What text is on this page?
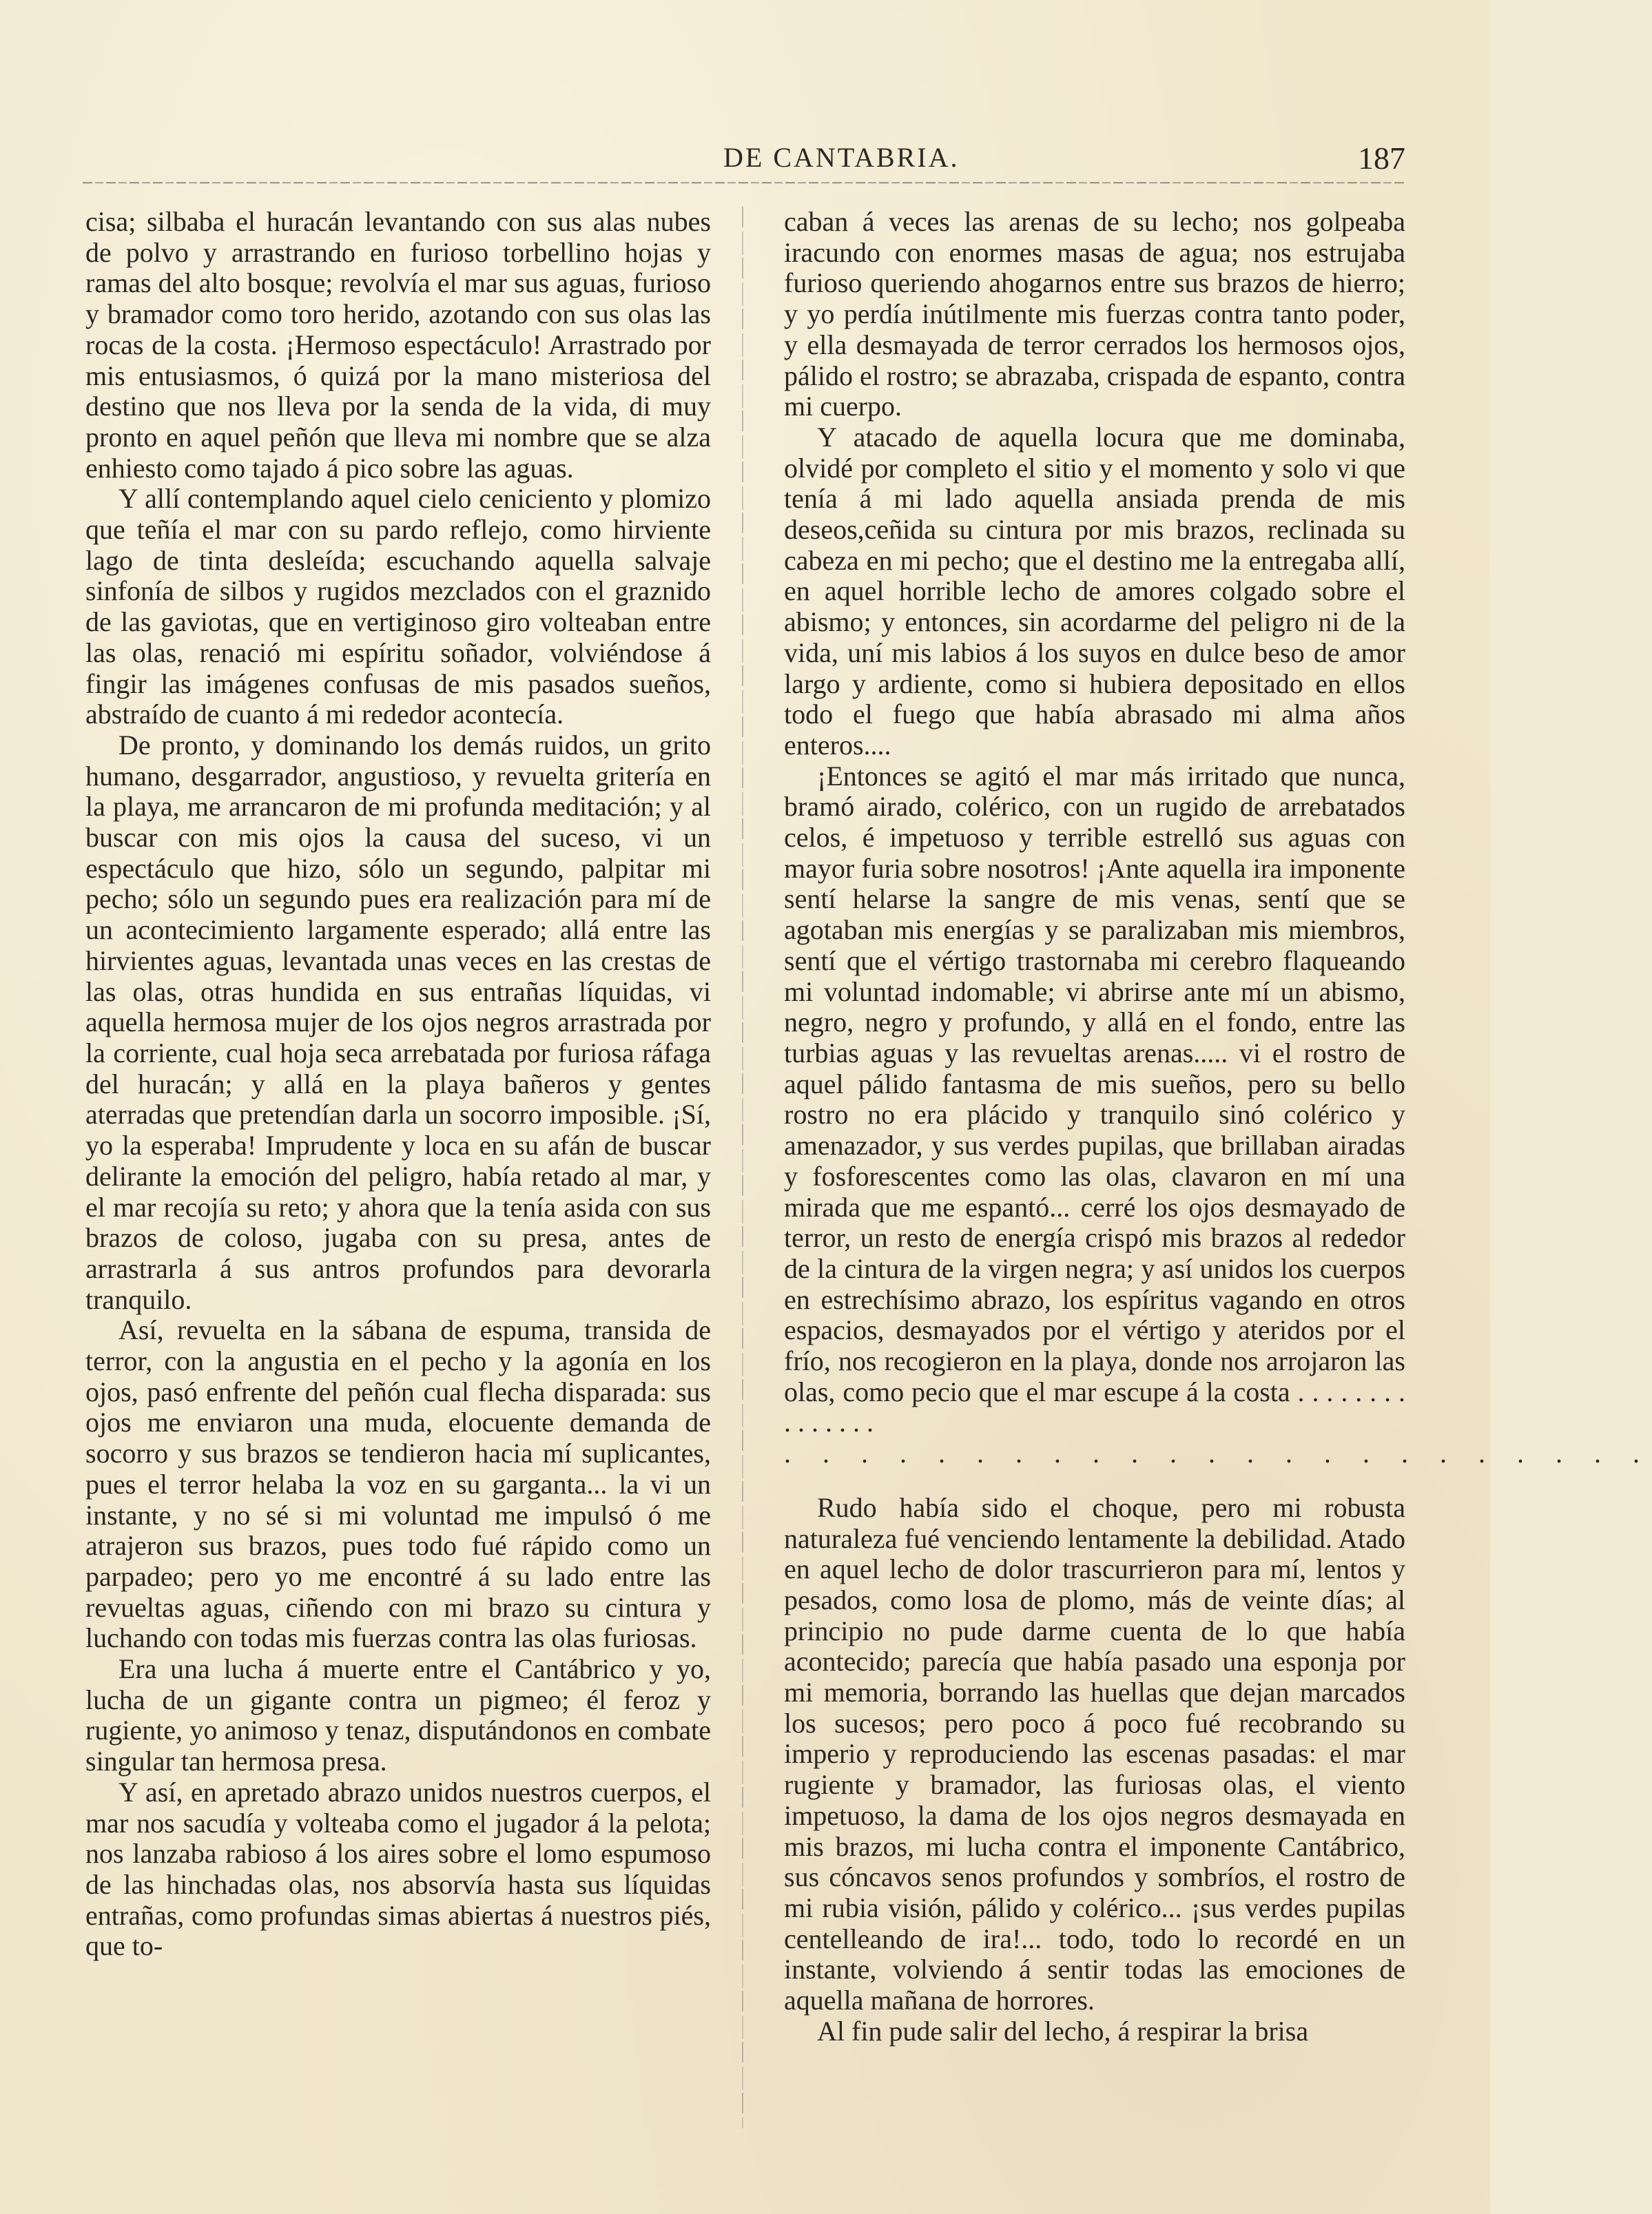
DE CANTABRIA.	187

cisa; silbaba el huracán levantando con sus alas nubes de polvo y arrastrando en furioso torbellino hojas y ramas del alto bosque; revolvía el mar sus aguas, furioso y bramador como toro herido, azotando con sus olas las rocas de la costa. ¡Hermoso espectáculo! Arrastrado por mis entusiasmos, ó quizá por la mano misteriosa del destino que nos lleva por la senda de la vida, di muy pronto en aquel peñón que lleva mi nombre que se alza enhiesto como tajado á pico sobre las aguas.

Y allí contemplando aquel cielo ceniciento y plomizo que teñía el mar con su pardo reflejo, como hirviente lago de tinta desleída; escuchando aquella salvaje sinfonía de silbos y rugidos mezclados con el graznido de las gaviotas, que en vertiginoso giro volteaban entre las olas, renació mi espíritu soñador, volviéndose á fingir las imágenes confusas de mis pasados sueños, abstraído de cuanto á mi rededor acontecía.

De pronto, y dominando los demás ruidos, un grito humano, desgarrador, angustioso, y revuelta gritería en la playa, me arrancaron de mi profunda meditación; y al buscar con mis ojos la causa del suceso, vi un espectáculo que hizo, sólo un segundo, palpitar mi pecho; sólo un segundo pues era realización para mí de un acontecimiento largamente esperado; allá entre las hirvientes aguas, levantada unas veces en las crestas de las olas, otras hundida en sus entrañas líquidas, vi aquella hermosa mujer de los ojos negros arrastrada por la corriente, cual hoja seca arrebatada por furiosa ráfaga del huracán; y allá en la playa bañeros y gentes aterradas que pretendían darla un socorro imposible. ¡Sí, yo la esperaba! Imprudente y loca en su afán de buscar delirante la emoción del peligro, había retado al mar, y el mar recojía su reto; y ahora que la tenía asida con sus brazos de coloso, jugaba con su presa, antes de arrastrarla á sus antros profundos para devorarla tranquilo.

Así, revuelta en la sábana de espuma, transida de terror, con la angustia en el pecho y la agonía en los ojos, pasó enfrente del peñón cual flecha disparada: sus ojos me enviaron una muda, elocuente demanda de socorro y sus brazos se tendieron hacia mí suplicantes, pues el terror helaba la voz en su garganta... la vi un instante, y no sé si mi voluntad me impulsó ó me atrajeron sus brazos, pues todo fué rápido como un parpadeo; pero yo me encontré á su lado entre las revueltas aguas, ciñendo con mi brazo su cintura y luchando con todas mis fuerzas contra las olas furiosas.

Era una lucha á muerte entre el Cantábrico y yo, lucha de un gigante contra un pigmeo; él feroz y rugiente, yo animoso y tenaz, disputándonos en combate singular tan hermosa presa.

Y así, en apretado abrazo unidos nuestros cuerpos, el mar nos sacudía y volteaba como el jugador á la pelota; nos lanzaba rabioso á los aires sobre el lomo espumoso de las hinchadas olas, nos absorvía hasta sus líquidas entrañas, como profundas simas abiertas á nuestros piés, que to-

caban á veces las arenas de su lecho; nos golpeaba iracundo con enormes masas de agua; nos estrujaba furioso queriendo ahogarnos entre sus brazos de hierro; y yo perdía inútilmente mis fuerzas contra tanto poder, y ella desmayada de terror cerrados los hermosos ojos, pálido el rostro; se abrazaba, crispada de espanto, contra mi cuerpo.

Y atacado de aquella locura que me dominaba, olvidé por completo el sitio y el momento y solo vi que tenía á mi lado aquella ansiada prenda de mis deseos,ceñida su cintura por mis brazos, reclinada su cabeza en mi pecho; que el destino me la entregaba allí, en aquel horrible lecho de amores colgado sobre el abismo; y entonces, sin acordarme del peligro ni de la vida, uní mis labios á los suyos en dulce beso de amor largo y ardiente, como si hubiera depositado en ellos todo el fuego que había abrasado mi alma años enteros....

¡Entonces se agitó el mar más irritado que nunca, bramó airado, colérico, con un rugido de arrebatados celos, é impetuoso y terrible estrelló sus aguas con mayor furia sobre nosotros! ¡Ante aquella ira imponente sentí helarse la sangre de mis venas, sentí que se agotaban mis energías y se paralizaban mis miembros, sentí que el vértigo trastornaba mi cerebro flaqueando mi voluntad indomable; vi abrirse ante mí un abismo, negro, negro y profundo, y allá en el fondo, entre las turbias aguas y las revueltas arenas..... vi el rostro de aquel pálido fantasma de mis sueños, pero su bello rostro no era plácido y tranquilo sinó colérico y amenazador, y sus verdes pupilas, que brillaban airadas y fosforescentes como las olas, clavaron en mí una mirada que me espantó... cerré los ojos desmayado de terror, un resto de energía crispó mis brazos al rededor de la cintura de la virgen negra; y así unidos los cuerpos en estrechísimo abrazo, los espíritus vagando en otros espacios, desmayados por el vértigo y ateridos por el frío, nos recogieron en la playa, donde nos arrojaron las olas, como pecio que el mar escupe á la costa . . . . . . . . . . . . . . .

. . . . . . . . . . . . . . . . . . . . . . .

Rudo había sido el choque, pero mi robusta naturaleza fué venciendo lentamente la debilidad. Atado en aquel lecho de dolor trascurrieron para mí, lentos y pesados, como losa de plomo, más de veinte días; al principio no pude darme cuenta de lo que había acontecido; parecía que había pasado una esponja por mi memoria, borrando las huellas que dejan marcados los sucesos; pero poco á poco fué recobrando su imperio y reproduciendo las escenas pasadas: el mar rugiente y bramador, las furiosas olas, el viento impetuoso, la dama de los ojos negros desmayada en mis brazos, mi lucha contra el imponente Cantábrico, sus cóncavos senos profundos y sombríos, el rostro de mi rubia visión, pálido y colérico... ¡sus verdes pupilas centelleando de ira!... todo, todo lo recordé en un instante, volviendo á sentir todas las emociones de aquella mañana de horrores.

Al fin pude salir del lecho, á respirar la brisa
